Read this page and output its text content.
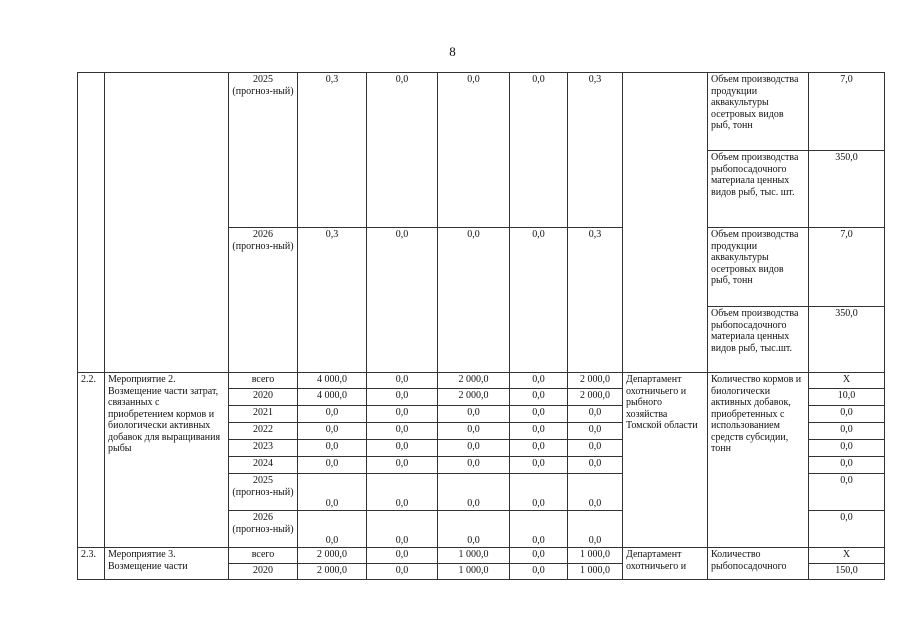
8
		2025 (прогноз-ный)	0,3	0,0	0,0	0,0	0,3		Объем производства продукции аквакультуры осетровых видов рыб, тонн	7,0
									Объем производства рыбопосадочного материала ценных видов рыб, тыс. шт.	350,0
		2026 (прогноз-ный)	0,3	0,0	0,0	0,0	0,3		Объем производства продукции аквакультуры осетровых видов рыб, тонн	7,0
									Объем производства рыбопосадочного материала ценных видов рыб, тыс.шт.	350,0
2.2.	Мероприятие 2. Возмещение части затрат, связанных с приобретением кормов и биологически активных добавок для выращивания рыбы	всего	4 000,0	0,0	2 000,0	0,0	2 000,0	Департамент охотничьего и рыбного хозяйства Томской области	Количество кормов и биологически активных добавок, приобретенных с использованием средств субсидии, тонн	Х
		2020	4 000,0	0,0	2 000,0	0,0	2 000,0			10,0
		2021	0,0	0,0	0,0	0,0	0,0			0,0
		2022	0,0	0,0	0,0	0,0	0,0			0,0
		2023	0,0	0,0	0,0	0,0	0,0			0,0
		2024	0,0	0,0	0,0	0,0	0,0			0,0
		2025 (прогноз-ный)	0,0	0,0	0,0	0,0	0,0			0,0
		2026 (прогноз-ный)	0,0	0,0	0,0	0,0	0,0			0,0
2.3.	Мероприятие 3. Возмещение части	всего	2 000,0	0,0	1 000,0	0,0	1 000,0	Департамент охотничьего и	Количество рыбопосадочного	Х
		2020	2 000,0	0,0	1 000,0	0,0	1 000,0			150,0
